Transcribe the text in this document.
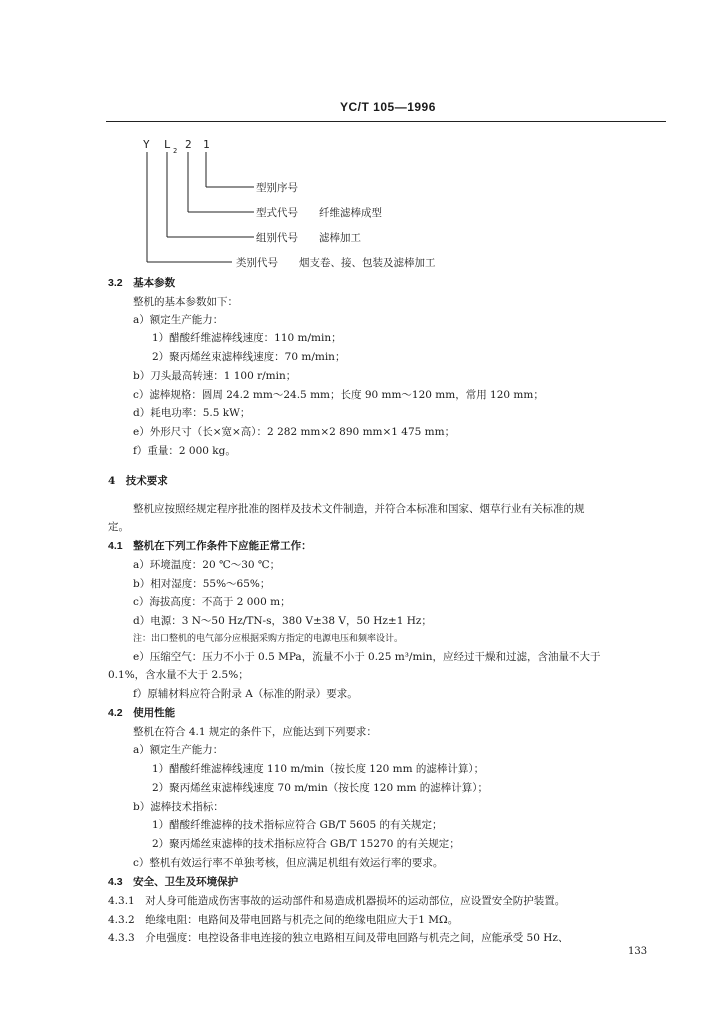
YC/T 105—1996
Y L 2 2 1
型别序号
型式代号　　纤维滤棒成型
组别代号　　滤棒加工
类别代号　　烟支卷、接、包装及滤棒加工
3.2　基本参数
整机的基本参数如下：
a）额定生产能力：
1）醋酸纤维滤棒线速度：110 m/min；
2）聚丙烯丝束滤棒线速度：70 m/min；
b）刀头最高转速：1 100 r/min；
c）滤棒规格：圆周 24.2 mm～24.5 mm；长度 90 mm～120 mm，常用 120 mm；
d）耗电功率：5.5 kW；
e）外形尺寸（长×宽×高）：2 282 mm×2 890 mm×1 475 mm；
f）重量：2 000 kg。
4　技术要求
整机应按照经规定程序批准的图样及技术文件制造，并符合本标准和国家、烟草行业有关标准的规
定。
4.1　整机在下列工作条件下应能正常工作：
a）环境温度：20 ℃～30 ℃；
b）相对湿度：55%～65%；
c）海拔高度：不高于 2 000 m；
d）电源：3 N～50 Hz/TN-s，380 V±38 V，50 Hz±1 Hz；
注：出口整机的电气部分应根据采购方指定的电源电压和频率设计。
e）压缩空气：压力不小于 0.5 MPa，流量不小于 0.25 m³/min，应经过干燥和过滤，含油量不大于
0.1%，含水量不大于 2.5%；
f）原辅材料应符合附录 A（标准的附录）要求。
4.2　使用性能
整机在符合 4.1 规定的条件下，应能达到下列要求：
a）额定生产能力：
1）醋酸纤维滤棒线速度 110 m/min（按长度 120 mm 的滤棒计算）；
2）聚丙烯丝束滤棒线速度 70 m/min（按长度 120 mm 的滤棒计算）；
b）滤棒技术指标：
1）醋酸纤维滤棒的技术指标应符合 GB/T 5605 的有关规定；
2）聚丙烯丝束滤棒的技术指标应符合 GB/T 15270 的有关规定；
c）整机有效运行率不单独考核，但应满足机组有效运行率的要求。
4.3　安全、卫生及环境保护
4.3.1　对人身可能造成伤害事故的运动部件和易造成机器损坏的运动部位，应设置安全防护装置。
4.3.2　绝缘电阻：电路间及带电回路与机壳之间的绝缘电阻应大于1 MΩ。
4.3.3　介电强度：电控设备非电连接的独立电路相互间及带电回路与机壳之间，应能承受 50 Hz、
133
